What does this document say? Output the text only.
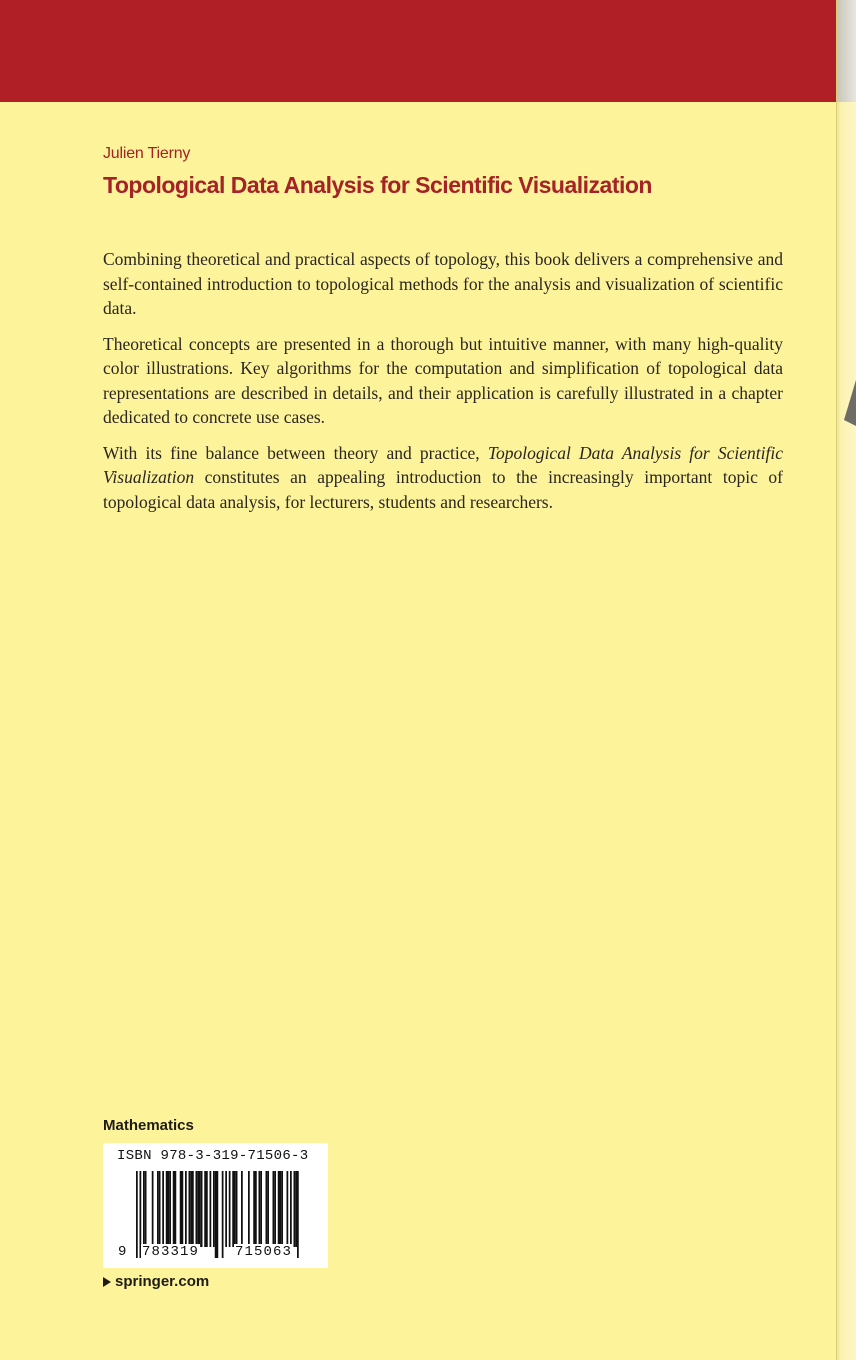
Julien Tierny
Topological Data Analysis for Scientific Visualization

Combining theoretical and practical aspects of topology, this book delivers a comprehensive and self-contained introduction to topological methods for the analysis and visualization of scientific data.

Theoretical concepts are presented in a thorough but intuitive manner, with many high-quality color illustrations. Key algorithms for the computation and simplification of topological data representations are described in details, and their application is carefully illustrated in a chapter dedicated to concrete use cases.

With its fine balance between theory and practice, Topological Data Analysis for Scientific Visualization constitutes an appealing introduction to the increasingly important topic of topological data analysis, for lecturers, students and researchers.

Mathematics
ISBN 978-3-319-71506-3
9 783319	715063
springer.com
